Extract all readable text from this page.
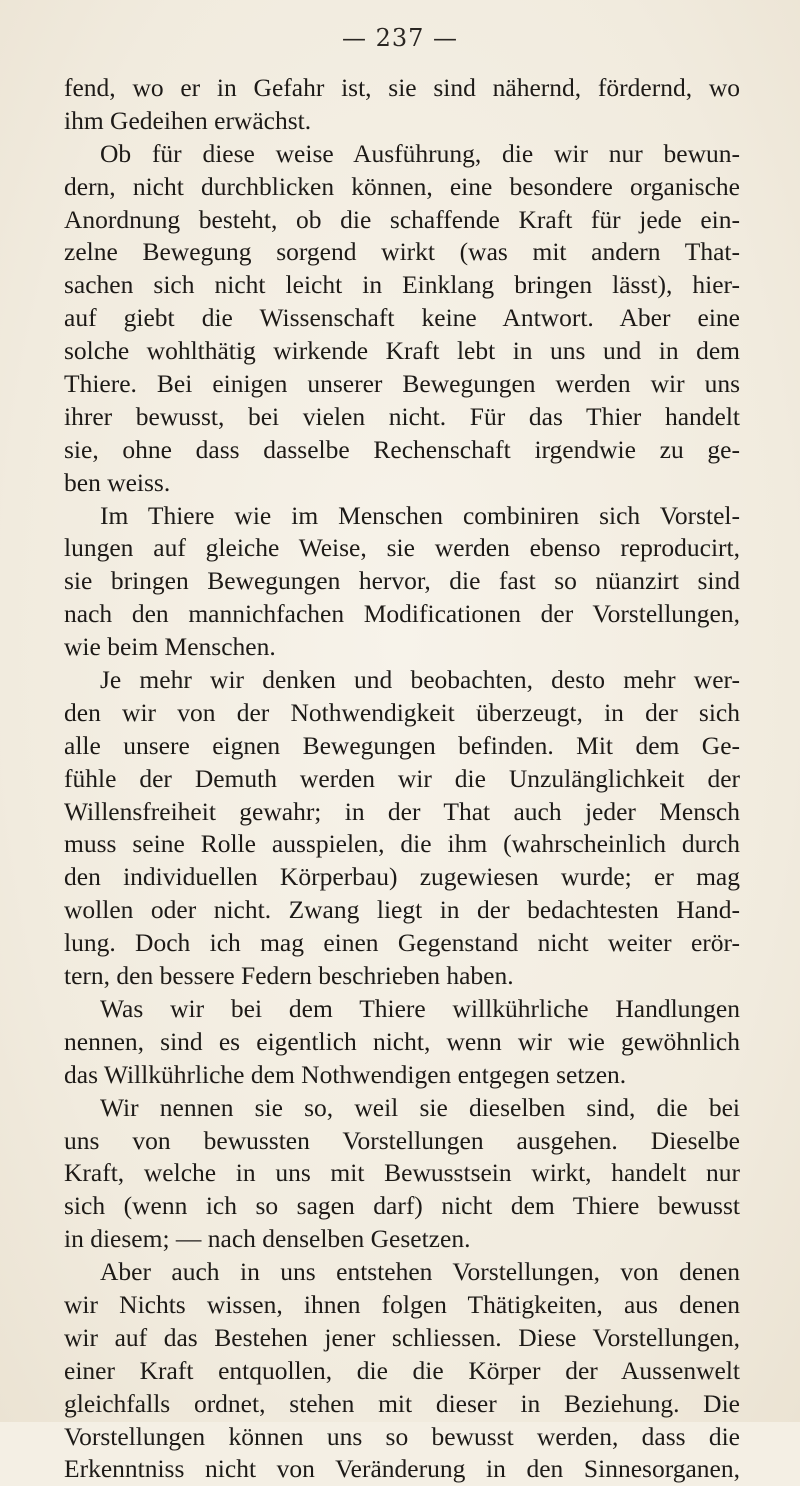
— 237 —
fend, wo er in Gefahr ist, sie sind nähernd, fördernd, wo
ihm Gedeihen erwächst.
Ob für diese weise Ausführung, die wir nur bewun-
dern, nicht durchblicken können, eine besondere organische
Anordnung besteht, ob die schaffende Kraft für jede ein-
zelne Bewegung sorgend wirkt (was mit andern That-
sachen sich nicht leicht in Einklang bringen lässt), hier-
auf giebt die Wissenschaft keine Antwort. Aber eine
solche wohlthätig wirkende Kraft lebt in uns und in dem
Thiere. Bei einigen unserer Bewegungen werden wir uns
ihrer bewusst, bei vielen nicht. Für das Thier handelt
sie, ohne dass dasselbe Rechenschaft irgendwie zu ge-
ben weiss.
Im Thiere wie im Menschen combiniren sich Vorstel-
lungen auf gleiche Weise, sie werden ebenso reproducirt,
sie bringen Bewegungen hervor, die fast so nüanzirt sind
nach den mannichfachen Modificationen der Vorstellungen,
wie beim Menschen.
Je mehr wir denken und beobachten, desto mehr wer-
den wir von der Nothwendigkeit überzeugt, in der sich
alle unsere eignen Bewegungen befinden. Mit dem Ge-
fühle der Demuth werden wir die Unzulänglichkeit der
Willensfreiheit gewahr; in der That auch jeder Mensch
muss seine Rolle ausspielen, die ihm (wahrscheinlich durch
den individuellen Körperbau) zugewiesen wurde; er mag
wollen oder nicht. Zwang liegt in der bedachtesten Hand-
lung. Doch ich mag einen Gegenstand nicht weiter erör-
tern, den bessere Federn beschrieben haben.
Was wir bei dem Thiere willkührliche Handlungen
nennen, sind es eigentlich nicht, wenn wir wie gewöhnlich
das Willkührliche dem Nothwendigen entgegen setzen.
Wir nennen sie so, weil sie dieselben sind, die bei
uns von bewussten Vorstellungen ausgehen. Dieselbe
Kraft, welche in uns mit Bewusstsein wirkt, handelt nur
sich (wenn ich so sagen darf) nicht dem Thiere bewusst
in diesem; — nach denselben Gesetzen.
Aber auch in uns entstehen Vorstellungen, von denen
wir Nichts wissen, ihnen folgen Thätigkeiten, aus denen
wir auf das Bestehen jener schliessen. Diese Vorstellungen,
einer Kraft entquollen, die die Körper der Aussenwelt
gleichfalls ordnet, stehen mit dieser in Beziehung. Die
Vorstellungen können uns so bewusst werden, dass die
Erkenntniss nicht von Veränderung in den Sinnesorganen,
